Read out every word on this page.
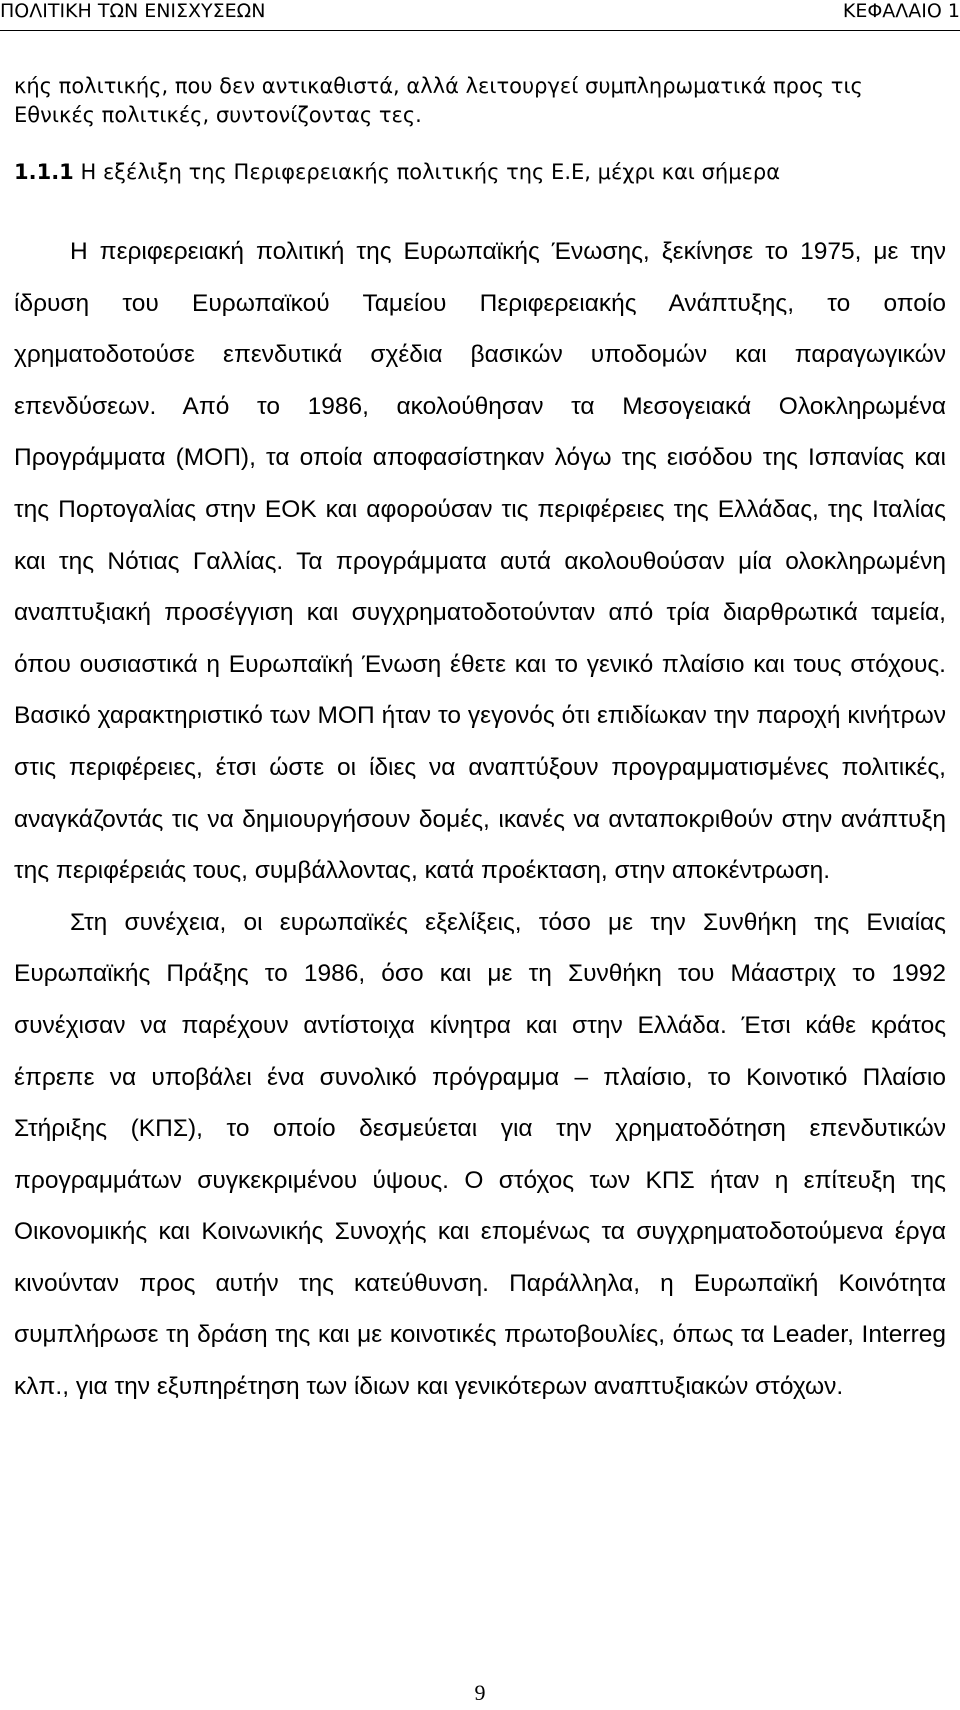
ΠΟΛΙΤΙΚΗ ΤΩΝ ΕΝΙΣΧΥΣΕΩΝ	ΚΕΦΑΛΑΙΟ 1

κής πολιτικής, που δεν αντικαθιστά, αλλά λειτουργεί συμπληρωματικά προς τις Εθνικές πολιτικές, συντονίζοντας τες.

1.1.1 Η εξέλιξη της Περιφερειακής πολιτικής της Ε.Ε, μέχρι και σήμερα

Η περιφερειακή πολιτική της Ευρωπαϊκής Ένωσης, ξεκίνησε το 1975, με την ίδρυση του Ευρωπαϊκού Ταμείου Περιφερειακής Ανάπτυξης, το οποίο χρηματοδοτούσε επενδυτικά σχέδια βασικών υποδομών και παραγωγικών επενδύσεων. Από το 1986, ακολούθησαν τα Μεσογειακά Ολοκληρωμένα Προγράμματα (ΜΟΠ), τα οποία αποφασίστηκαν λόγω της εισόδου της Ισπανίας και της Πορτογαλίας στην ΕΟΚ και αφορούσαν τις περιφέρειες της Ελλάδας, της Ιταλίας και της Νότιας Γαλλίας. Τα προγράμματα αυτά ακολουθούσαν μία ολοκληρωμένη αναπτυξιακή προσέγγιση και συγχρηματοδοτούνταν από τρία διαρθρωτικά ταμεία, όπου ουσιαστικά η Ευρωπαϊκή Ένωση έθετε και το γενικό πλαίσιο και τους στόχους. Βασικό χαρακτηριστικό των ΜΟΠ ήταν το γεγονός ότι επιδίωκαν την παροχή κινήτρων στις περιφέρειες, έτσι ώστε οι ίδιες να αναπτύξουν προγραμματισμένες πολιτικές, αναγκάζοντάς τις να δημιουργήσουν δομές, ικανές να ανταποκριθούν στην ανάπτυξη της περιφέρειάς τους, συμβάλλοντας, κατά προέκταση, στην αποκέντρωση.

Στη συνέχεια, οι ευρωπαϊκές εξελίξεις, τόσο με την Συνθήκη της Ενιαίας Ευρωπαϊκής Πράξης το 1986, όσο και με τη Συνθήκη του Μάαστριχ το 1992 συνέχισαν να παρέχουν αντίστοιχα κίνητρα και στην Ελλάδα. Έτσι κάθε κράτος έπρεπε να υποβάλει ένα συνολικό πρόγραμμα – πλαίσιο, το Κοινοτικό Πλαίσιο Στήριξης (ΚΠΣ), το οποίο δεσμεύεται για την χρηματοδότηση επενδυτικών προγραμμάτων συγκεκριμένου ύψους. Ο στόχος των ΚΠΣ ήταν η επίτευξη της Οικονομικής και Κοινωνικής Συνοχής και επομένως τα συγχρηματοδοτούμενα έργα κινούνταν προς αυτήν της κατεύθυνση. Παράλληλα, η Ευρωπαϊκή Κοινότητα συμπλήρωσε τη δράση της και με κοινοτικές πρωτοβουλίες, όπως τα Leader, Interreg κλπ., για την εξυπηρέτηση των ίδιων και γενικότερων αναπτυξιακών στόχων.

9
